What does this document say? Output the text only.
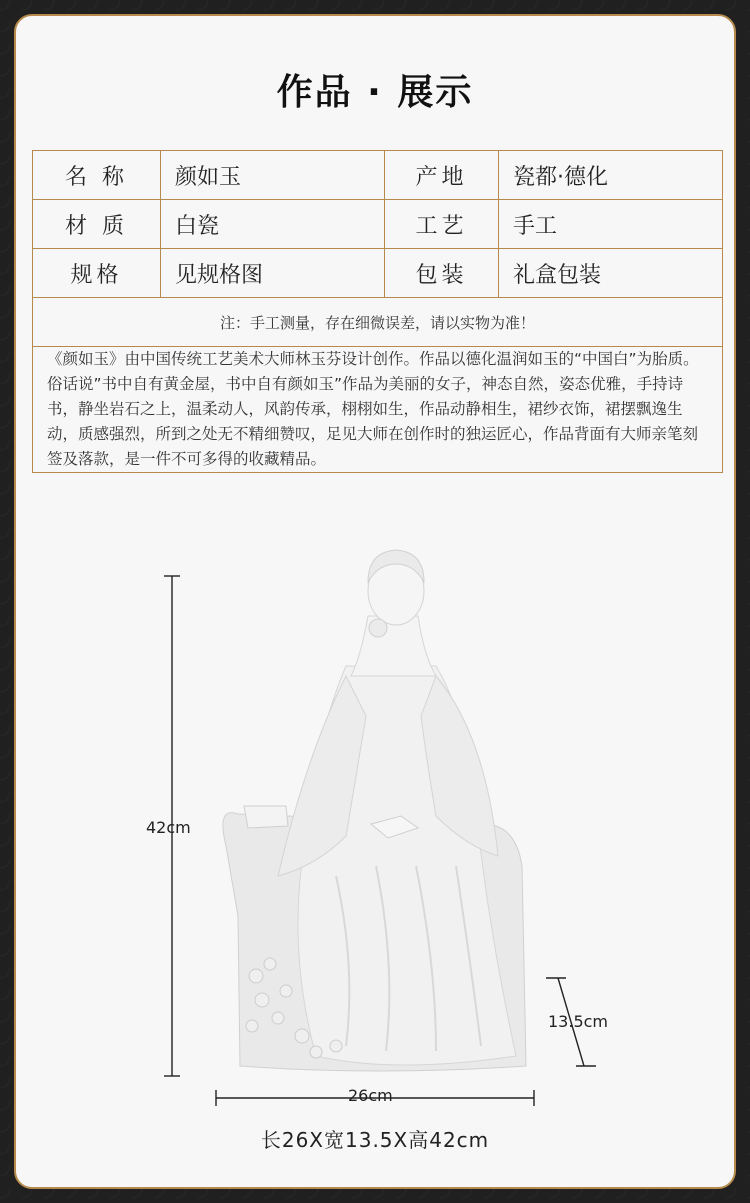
作品 · 展示
名 称	颜如玉	产地	瓷都·德化
材 质	白瓷	工艺	手工
规格	见规格图	包装	礼盒包装
注：手工测量，存在细微误差，请以实物为准！			
《颜如玉》由中国传统工艺美术大师林玉芬设计创作。作品以德化温润如玉的“中国白”为胎质。俗话说”书中自有黄金屋，书中自有颜如玉”作品为美丽的女子，神态自然，姿态优雅，手持诗书，静坐岩石之上，温柔动人，风韵传承，栩栩如生，作品动静相生，裙纱衣饰，裙摆飘逸生动，质感强烈，所到之处无不精细赞叹，足见大师在创作时的独运匠心，作品背面有大师亲笔刻签及落款，是一件不可多得的收藏精品。			
42cm
26cm
13.5cm
长26X宽13.5X高42cm
